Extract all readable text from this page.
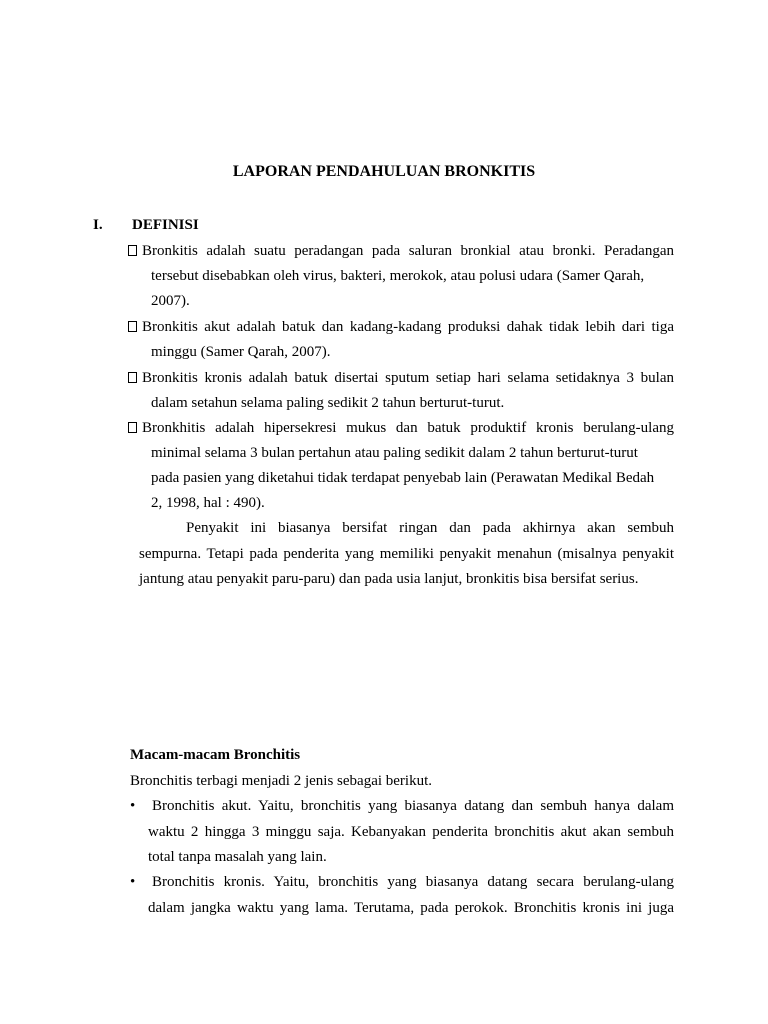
LAPORAN PENDAHULUAN BRONKITIS
I. DEFINISI
Bronkitis adalah suatu peradangan pada saluran bronkial atau bronki. Peradangan
tersebut disebabkan oleh virus, bakteri, merokok, atau polusi udara (Samer Qarah,
2007).
Bronkitis akut adalah batuk dan kadang-kadang produksi dahak tidak lebih dari tiga
minggu (Samer Qarah, 2007).
Bronkitis kronis adalah batuk disertai sputum setiap hari selama setidaknya 3 bulan
dalam setahun selama paling sedikit 2 tahun berturut-turut.
Bronkhitis adalah hipersekresi mukus dan batuk produktif kronis berulang-ulang
minimal selama 3 bulan pertahun atau paling sedikit dalam 2 tahun berturut-turut
pada pasien yang diketahui tidak terdapat penyebab lain (Perawatan Medikal Bedah
2, 1998, hal : 490).
Penyakit ini biasanya bersifat ringan dan pada akhirnya akan sembuh
sempurna. Tetapi pada penderita yang memiliki penyakit menahun (misalnya penyakit
jantung atau penyakit paru-paru) dan pada usia lanjut, bronkitis bisa bersifat serius.
Macam-macam Bronchitis
Bronchitis terbagi menjadi 2 jenis sebagai berikut.
• Bronchitis akut. Yaitu, bronchitis yang biasanya datang dan sembuh hanya dalam
waktu 2 hingga 3 minggu saja. Kebanyakan penderita bronchitis akut akan sembuh
total tanpa masalah yang lain.
• Bronchitis kronis. Yaitu, bronchitis yang biasanya datang secara berulang-ulang
dalam jangka waktu yang lama. Terutama, pada perokok. Bronchitis kronis ini juga
